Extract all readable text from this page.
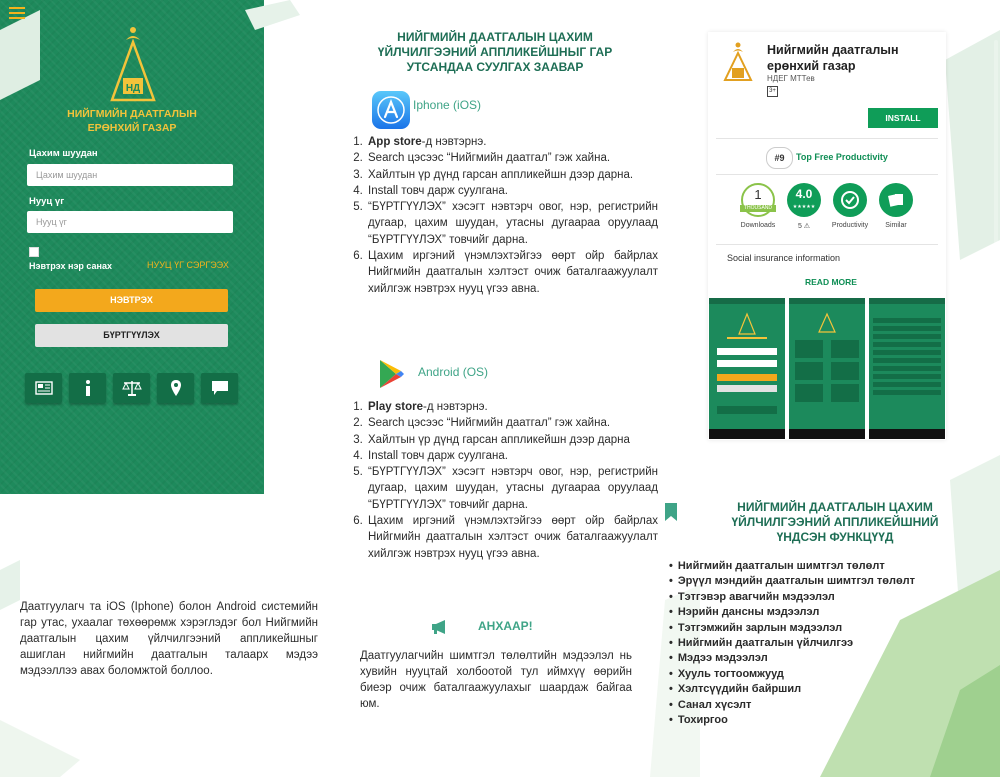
НД
НИЙГМИЙН ДААТГАЛЫН
ЕРӨНХИЙ ГАЗАР
Цахим шуудан
Цахим шуудан
Нууц үг
Нууц үг
Нэвтрэх нэр санах	НУУЦ ҮГ СЭРГЭЭХ
НЭВТРЭХ
БҮРТГҮҮЛЭХ
Даатгуулагч та iOS (Iphone) болон Android системийн гар утас, ухаалаг төхөөрөмж хэрэглэдэг бол Нийгмийн даатгалын цахим үйлчилгээний аппликейшныг ашиглан нийгмийн даатгалын талаарх мэдээ мэдээллээ авах боломжтой боллоо.
НИЙГМИЙН ДААТГАЛЫН ЦАХИМ
ҮЙЛЧИЛГЭЭНИЙ АППЛИКЕЙШНЫГ ГАР
УТСАНДАА СУУЛГАХ ЗААВАР
Iphone (iOS)
1. App store-д нэвтэрнэ.
2. Search цэсээс “Нийгмийн даатгал” гэж хайна.
3. Хайлтын үр дүнд гарсан аппликейшн дээр дарна.
4. Install товч дарж суулгана.
5. “БҮРТГҮҮЛЭХ” хэсэгт нэвтэрч овог, нэр, регистрийн дугаар, цахим шуудан, утасны дугаараа оруулаад “БҮРТГҮҮЛЭХ” товчийг дарна.
6. Цахим иргэний үнэмлэхтэйгээ өөрт ойр байрлах Нийгмийн даатгалын хэлтэст очиж баталгаажуулалт хийлгэж нэвтрэх нууц үгээ авна.
Android (OS)
1. Play store-д нэвтэрнэ.
2. Search цэсээс “Нийгмийн даатгал” гэж хайна.
3. Хайлтын үр дүнд гарсан аппликейшн дээр дарна
4. Install товч дарж суулгана.
5. “БҮРТГҮҮЛЭХ” хэсэгт нэвтэрч овог, нэр, регистрийн дугаар, цахим шуудан, утасны дугаараа оруулаад “БҮРТГҮҮЛЭХ” товчийг дарна.
6. Цахим иргэний үнэмлэхтэйгээ өөрт ойр байрлах Нийгмийн даатгалын хэлтэст очиж баталгаажуулалт хийлгэж нэвтрэх нууц үгээ авна.
АНХААР!
Даатгуулагчийн шимтгэл төлөлтийн мэдээлэл нь хувийн нууцтай холбоотой тул иймхүү өөрийн биеэр очиж баталгаажуулахыг шаардаж байгаа юм.
Нийгмийн даатгалын
ерөнхий газар
НДЕГ МТТев
3+
INSTALL
#9	Top Free Productivity
1
THOUSAND
Downloads
4.0
★★★★★
5 ⚠	Productivity	Similar
Social insurance information
READ MORE
НИЙГМИЙН ДААТГАЛЫН ЦАХИМ
ҮЙЛЧИЛГЭЭНИЙ АППЛИКЕЙШНИЙ
ҮНДСЭН ФУНКЦҮҮД
• Нийгмийн даатгалын шимтгэл төлөлт
• Эрүүл мэндийн даатгалын шимтгэл төлөлт
• Тэтгэвэр авагчийн мэдээлэл
• Нэрийн дансны мэдээлэл
• Тэтгэмжийн зарлын мэдээлэл
• Нийгмийн даатгалын үйлчилгээ
• Мэдээ мэдээлэл
• Хууль тогтоомжууд
• Хэлтсүүдийн байршил
• Санал хүсэлт
• Тохиргоо
